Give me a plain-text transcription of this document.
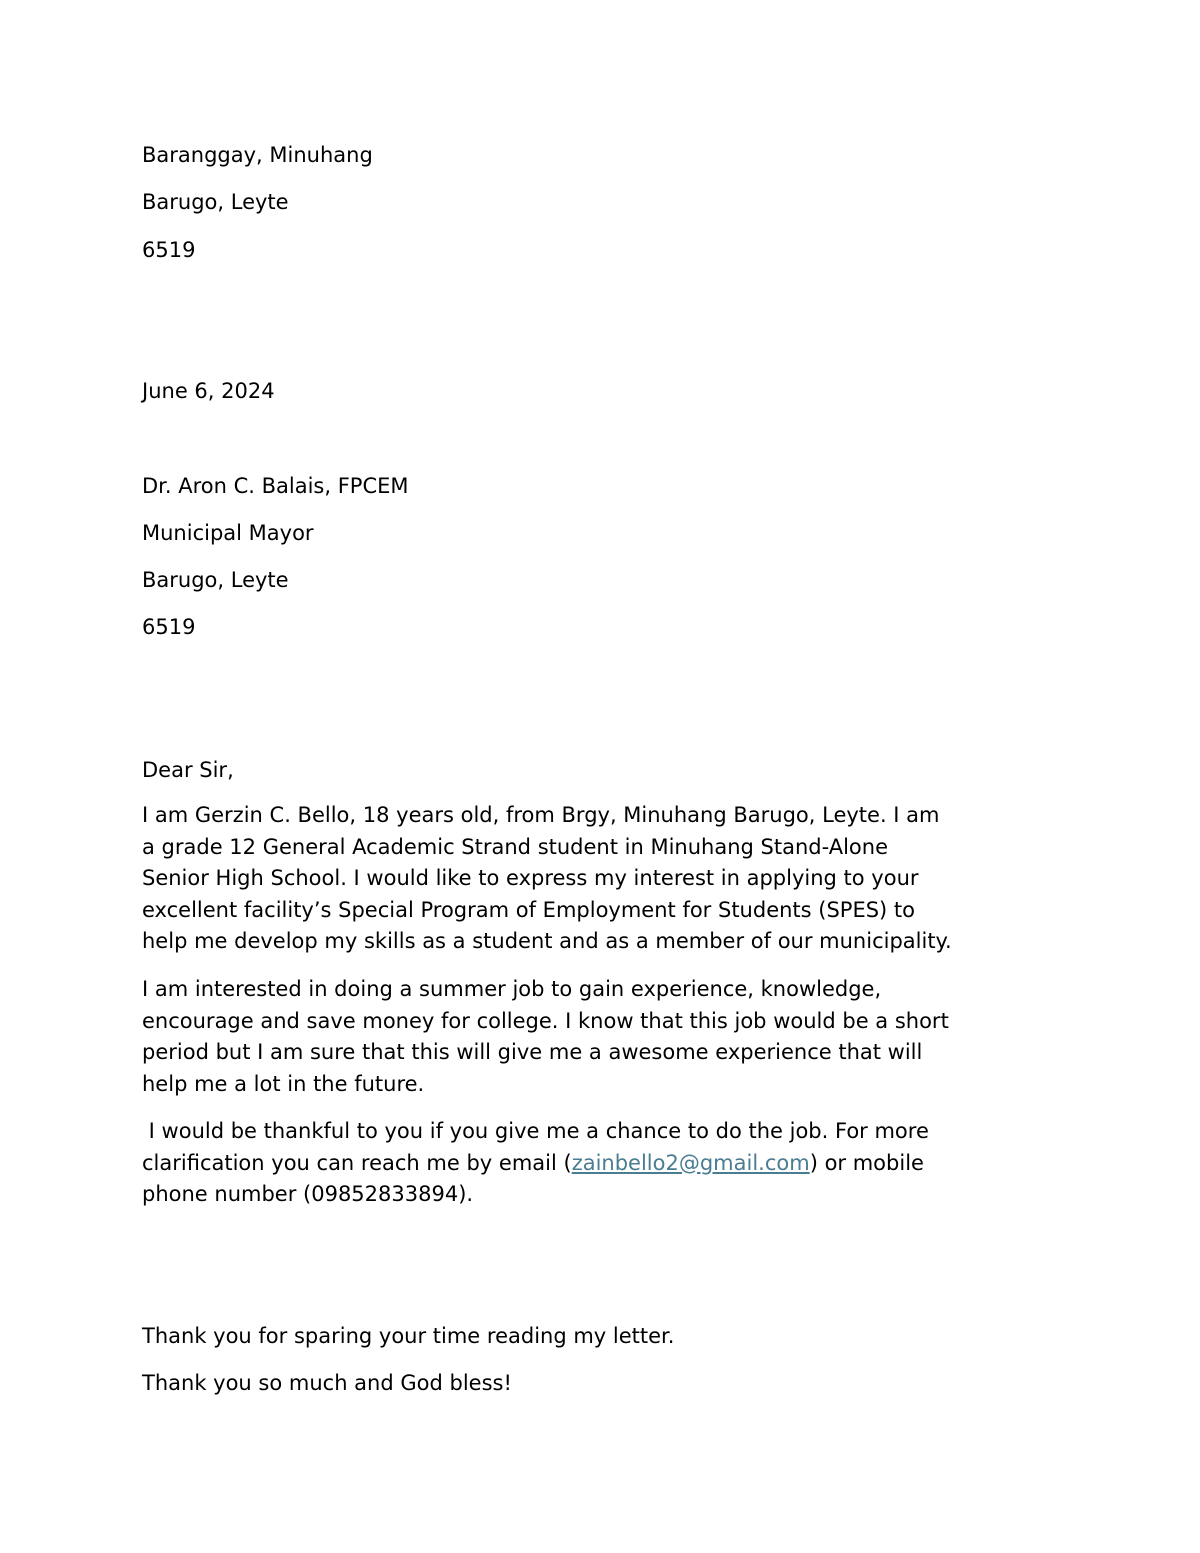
Baranggay, Minuhang
Barugo, Leyte
6519
June 6, 2024
Dr. Aron C. Balais, FPCEM
Municipal Mayor
Barugo, Leyte
6519
Dear Sir,
I am Gerzin C. Bello, 18 years old, from Brgy, Minuhang Barugo, Leyte. I am
a grade 12 General Academic Strand student in Minuhang Stand-Alone
Senior High School. I would like to express my interest in applying to your
excellent facility’s Special Program of Employment for Students (SPES) to
help me develop my skills as a student and as a member of our municipality.
I am interested in doing a summer job to gain experience, knowledge,
encourage and save money for college. I know that this job would be a short
period but I am sure that this will give me a awesome experience that will
help me a lot in the future.
I would be thankful to you if you give me a chance to do the job. For more
clarification you can reach me by email (zainbello2@gmail.com) or mobile
phone number (09852833894).
Thank you for sparing your time reading my letter.
Thank you so much and God bless!
